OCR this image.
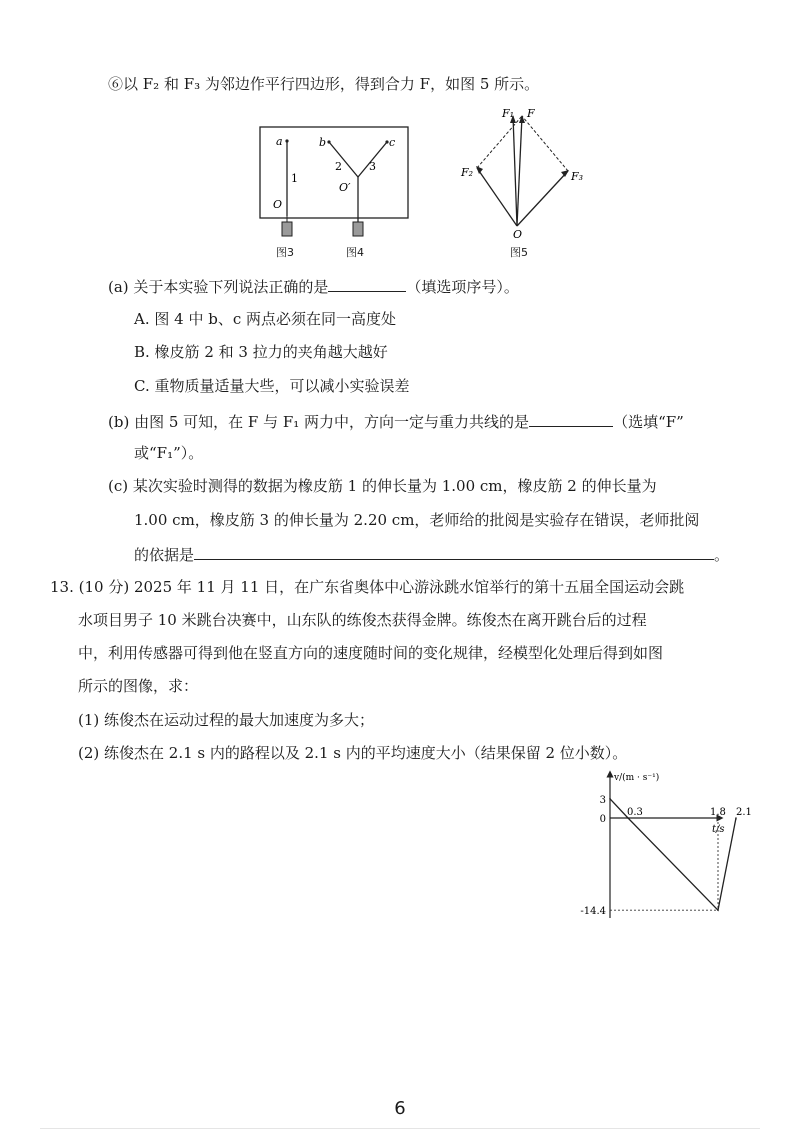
⑥以 F₂ 和 F₃ 为邻边作平行四边形，得到合力 F，如图 5 所示。
a
1
O
b	c
2 3
O′
图3	图4
F₁ F
F₂	F₃
O
图5
(a) 关于本实验下列说法正确的是	（填选项序号）。
A. 图 4 中 b、c 两点必须在同一高度处
B. 橡皮筋 2 和 3 拉力的夹角越大越好
C. 重物质量适量大些，可以减小实验误差
(b) 由图 5 可知，在 F 与 F₁ 两力中，方向一定与重力共线的是	（选填“F”
或“F₁”）。
(c) 某次实验时测得的数据为橡皮筋 1 的伸长量为 1.00 cm，橡皮筋 2 的伸长量为
1.00 cm，橡皮筋 3 的伸长量为 2.20 cm，老师给的批阅是实验存在错误，老师批阅
的依据是	。
13. (10 分) 2025 年 11 月 11 日，在广东省奥体中心游泳跳水馆举行的第十五届全国运动会跳
水项目男子 10 米跳台决赛中，山东队的练俊杰获得金牌。练俊杰在离开跳台后的过程
中，利用传感器可得到他在竖直方向的速度随时间的变化规律，经模型化处理后得到如图
所示的图像，求：
(1) 练俊杰在运动过程的最大加速度为多大；
(2) 练俊杰在 2.1 s 内的路程以及 2.1 s 内的平均速度大小（结果保留 2 位小数）。
v/(m · s⁻¹)
t/s
0.3	1.8 2.1
3
0
-14.4
6
